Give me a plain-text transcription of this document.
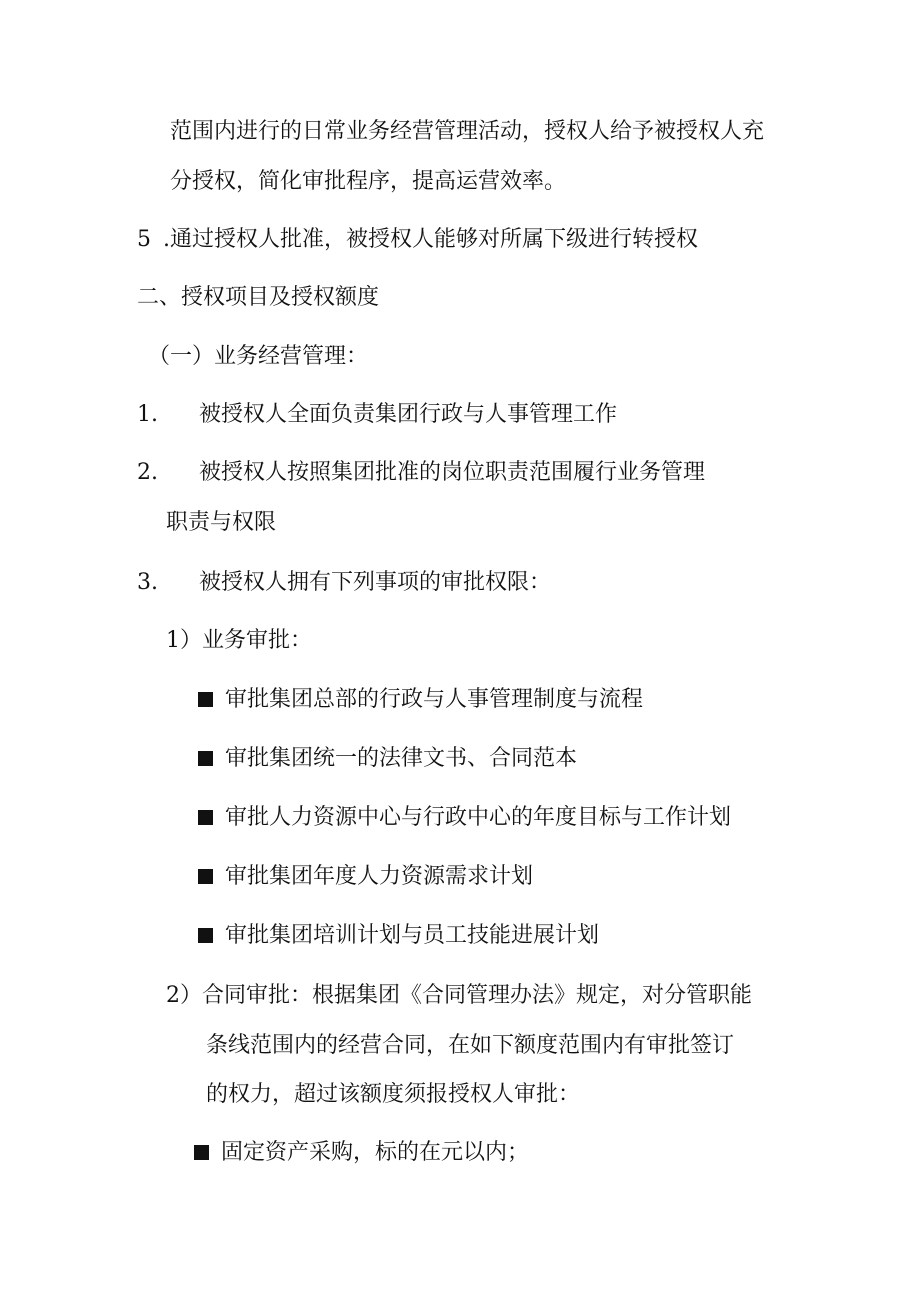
范围内进行的日常业务经营管理活动，授权人给予被授权人充
分授权，简化审批程序，提高运营效率。
5 .通过授权人批准，被授权人能够对所属下级进行转授权
二、授权项目及授权额度
（一）业务经营管理：
1. 被授权人全面负责集团行政与人事管理工作
2. 被授权人按照集团批准的岗位职责范围履行业务管理
职责与权限
3. 被授权人拥有下列事项的审批权限：
1）业务审批：
审批集团总部的行政与人事管理制度与流程
审批集团统一的法律文书、合同范本
审批人力资源中心与行政中心的年度目标与工作计划
审批集团年度人力资源需求计划
审批集团培训计划与员工技能进展计划
2）合同审批：根据集团《合同管理办法》规定，对分管职能
条线范围内的经营合同，在如下额度范围内有审批签订
的权力，超过该额度须报授权人审批：
固定资产采购，标的在元以内；
